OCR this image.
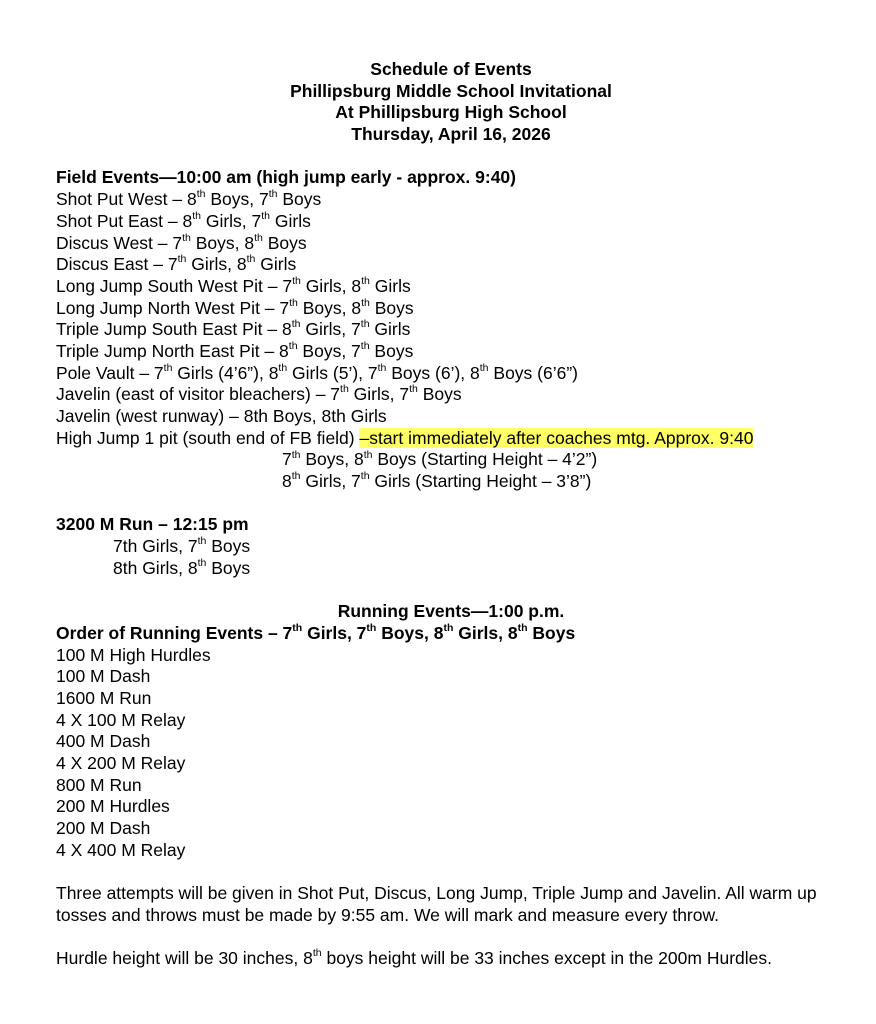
Schedule of Events
Phillipsburg Middle School Invitational
At Phillipsburg High School
Thursday, April 16, 2026
Field Events—10:00 am (high jump early - approx. 9:40)
Shot Put West – 8th Boys, 7th Boys
Shot Put East – 8th Girls, 7th Girls
Discus West – 7th Boys, 8th Boys
Discus East – 7th Girls, 8th Girls
Long Jump South West Pit – 7th Girls, 8th Girls
Long Jump North West Pit – 7th Boys, 8th Boys
Triple Jump South East Pit – 8th Girls, 7th Girls
Triple Jump North East Pit – 8th Boys, 7th Boys
Pole Vault – 7th Girls (4’6”), 8th Girls (5’), 7th Boys (6’), 8th Boys (6’6”)
Javelin (east of visitor bleachers) – 7th Girls, 7th Boys
Javelin (west runway) – 8th Boys, 8th Girls
High Jump 1 pit (south end of FB field) –start immediately after coaches mtg. Approx. 9:40
7th Boys, 8th Boys (Starting Height – 4’2”)
8th Girls, 7th Girls (Starting Height – 3’8”)
3200 M Run – 12:15 pm
7th Girls, 7th Boys
8th Girls, 8th Boys
Running Events—1:00 p.m.
Order of Running Events – 7th Girls, 7th Boys, 8th Girls, 8th Boys
100 M High Hurdles
100 M Dash
1600 M Run
4 X 100 M Relay
400 M Dash
4 X 200 M Relay
800 M Run
200 M Hurdles
200 M Dash
4 X 400 M Relay
Three attempts will be given in Shot Put, Discus, Long Jump, Triple Jump and Javelin. All warm up tosses and throws must be made by 9:55 am. We will mark and measure every throw.
Hurdle height will be 30 inches, 8th boys height will be 33 inches except in the 200m Hurdles.
